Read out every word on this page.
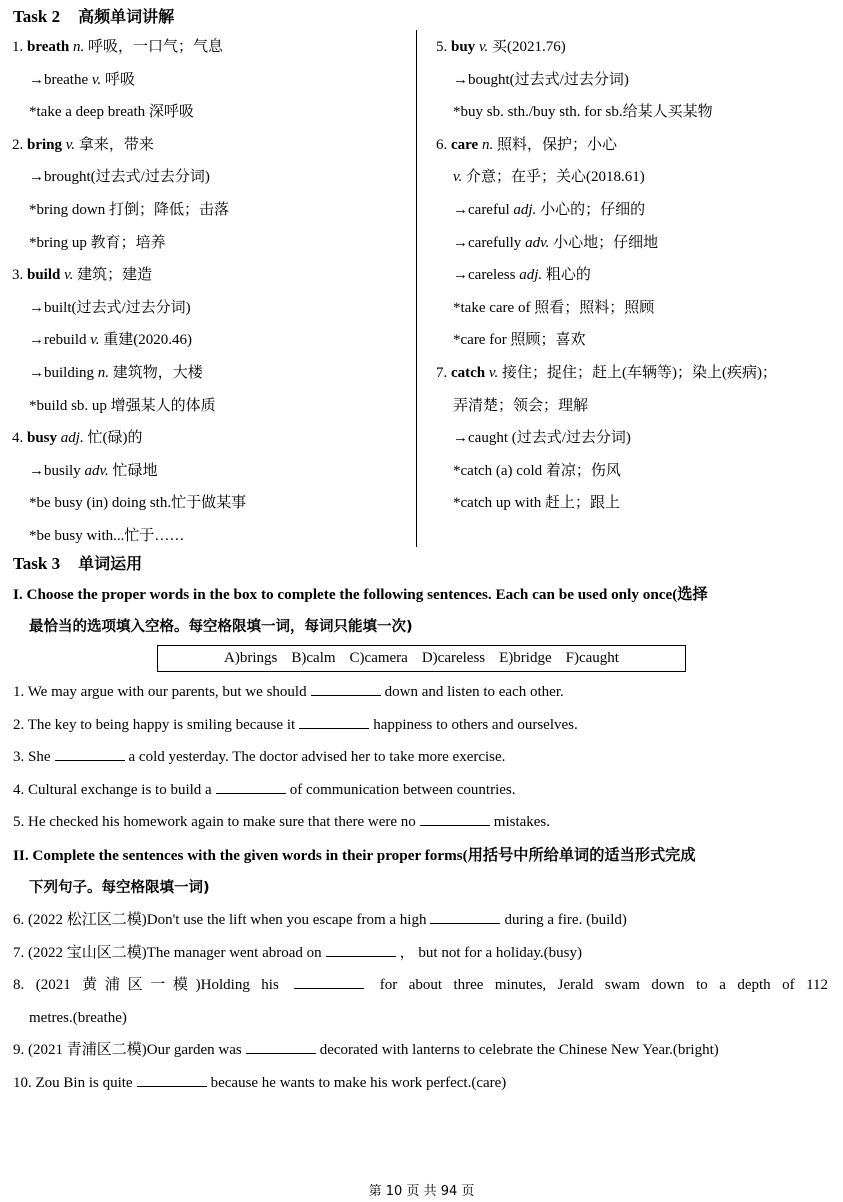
Task 2 高频单词讲解
1. breath n. 呼吸，一口气；气息
→breathe v. 呼吸
*take a deep breath 深呼吸
2. bring v. 拿来，带来
→brought(过去式/过去分词)
*bring down 打倒；降低；击落
*bring up 教育；培养
3. build v. 建筑；建造
→built(过去式/过去分词)
→rebuild v. 重建(2020.46)
→building n. 建筑物，大楼
*build sb. up 增强某人的体质
4. busy adj. 忙(碌)的
→busily adv. 忙碌地
*be busy (in) doing sth.忙于做某事
*be busy with...忙于……
5. buy v. 买(2021.76)
→bought(过去式/过去分词)
*buy sb. sth./buy sth. for sb.给某人买某物
6. care n. 照料，保护；小心
v. 介意；在乎；关心(2018.61)
→careful adj. 小心的；仔细的
→carefully adv. 小心地；仔细地
→careless adj. 粗心的
*take care of 照看；照料；照顾
*care for 照顾；喜欢
7. catch v. 接住；捉住；赶上(车辆等)；染上(疾病)；
弄清楚；领会；理解
→caught (过去式/过去分词)
*catch (a) cold 着凉；伤风
*catch up with 赶上；跟上
Task 3 单词运用
I. Choose the proper words in the box to complete the following sentences. Each can be used only once(选择
最恰当的选项填入空格。每空格限填一词，每词只能填一次)
A)brings B)calm C)camera D)careless E)bridge F)caught
1. We may argue with our parents, but we should	down and listen to each other.
2. The key to being happy is smiling because it	happiness to others and ourselves.
3. She	a cold yesterday. The doctor advised her to take more exercise.
4. Cultural exchange is to build a	of communication between countries.
5. He checked his homework again to make sure that there were no	mistakes.
II. Complete the sentences with the given words in their proper forms(用括号中所给单词的适当形式完成
下列句子。每空格限填一词)
6. (2022 松江区二模)Don't use the lift when you escape from a high	during a fire. (build)
7. (2022 宝山区二模)The manager went abroad on	， but not for a holiday.(busy)
8. (2021 黄浦区一模)Holding his	for about three minutes, Jerald swam down to a depth of 112
metres.(breathe)
9. (2021 青浦区二模)Our garden was	decorated with lanterns to celebrate the Chinese New Year.(bright)
10. Zou Bin is quite	because he wants to make his work perfect.(care)
第 10 页 共 94 页
